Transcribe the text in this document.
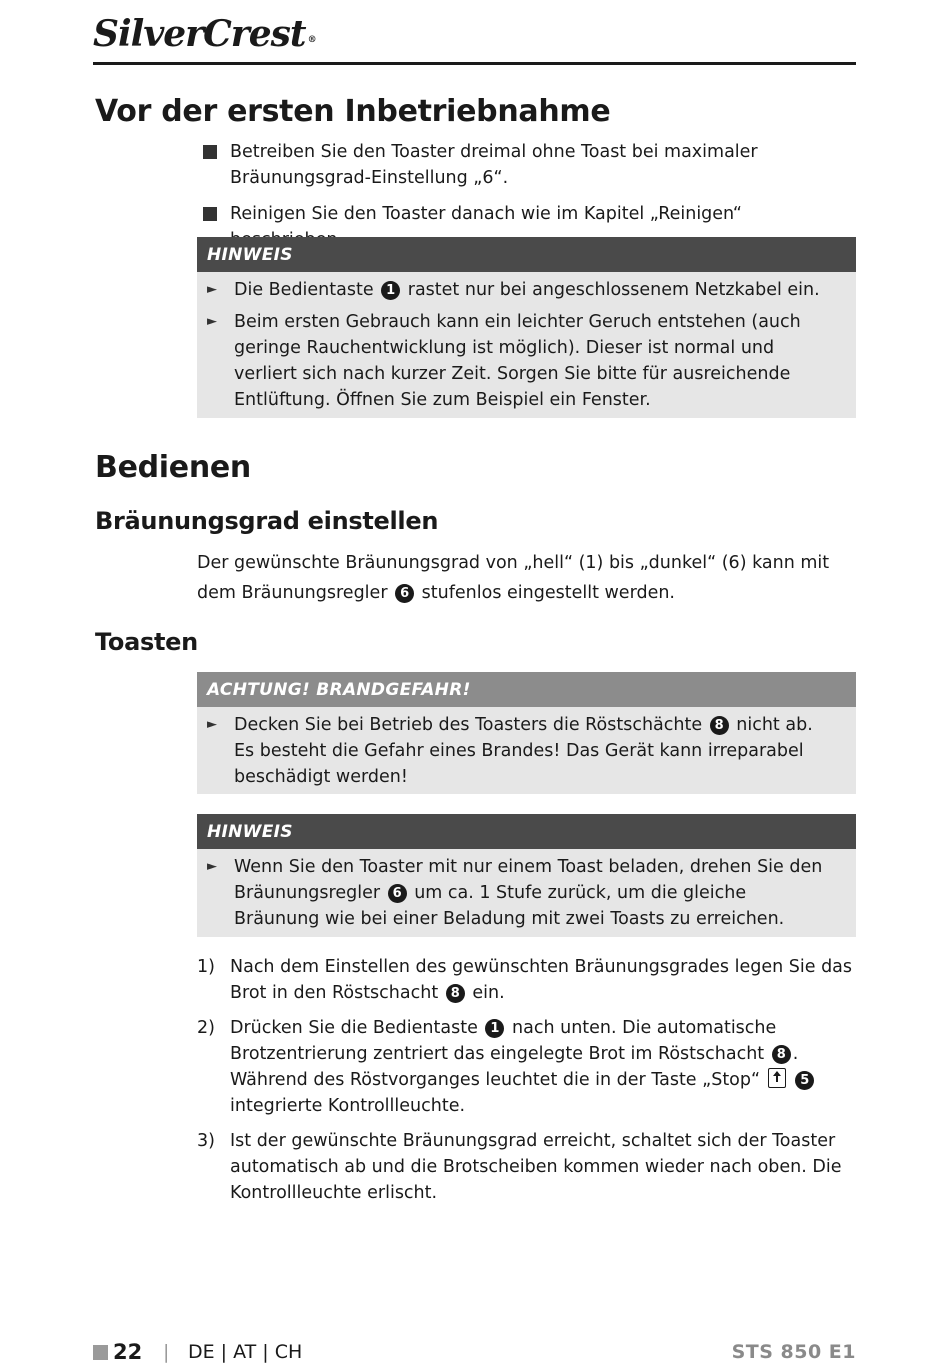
SilverCrest ®
Vor der ersten Inbetriebnahme

Betreiben Sie den Toaster dreimal ohne Toast bei maximaler Bräunungsgrad-Einstellung „6“.

Reinigen Sie den Toaster danach wie im Kapitel „Reinigen“

HINWEIS
► Die Bedientaste 1 rastet nur bei angeschlossenem Netzkabel ein.
► Beim ersten Gebrauch kann ein leichter Geruch entstehen (auch geringe Rauchentwicklung ist möglich). Dieser ist normal und verliert sich nach kurzer Zeit. Sorgen Sie bitte für ausreichende Entlüftung. Öffnen Sie zum Beispiel ein Fenster.
Bedienen
Bräunungsgrad einstellen

Der gewünschte Bräunungsgrad von „hell“ (1) bis „dunkel“ (6) kann mit dem Bräunungsregler 6 stufenlos eingestellt werden.

Toasten
ACHTUNG! BRANDGEFAHR!
► Decken Sie bei Betrieb des Toasters die Röstschächte 8 nicht ab. Es besteht die Gefahr eines Brandes! Das Gerät kann irreparabel beschädigt werden!
HINWEIS
► Wenn Sie den Toaster mit nur einem Toast beladen, drehen Sie den Bräunungsregler 6 um ca. 1 Stufe zurück, um die gleiche Bräunung wie bei einer Beladung mit zwei Toasts zu erreichen.
1) Nach dem Einstellen des gewünschten Bräunungsgrades legen Sie das Brot in den Röstschacht 8 ein.
2) Drücken Sie die Bedientaste 1 nach unten. Die automatische Brotzentrierung zentriert das eingelegte Brot im Röstschacht 8 . Während des Röstvorganges leuchtet die in der Taste „Stop“	5 integrierte Kontrollleuchte.
3) Ist der gewünschte Bräunungsgrad erreicht, schaltet sich der Toaster automatisch ab und die Brotscheiben kommen wieder nach oben. Die Kontrollleuchte erlischt.
22 | DE | AT | CH	STS 850 E1
